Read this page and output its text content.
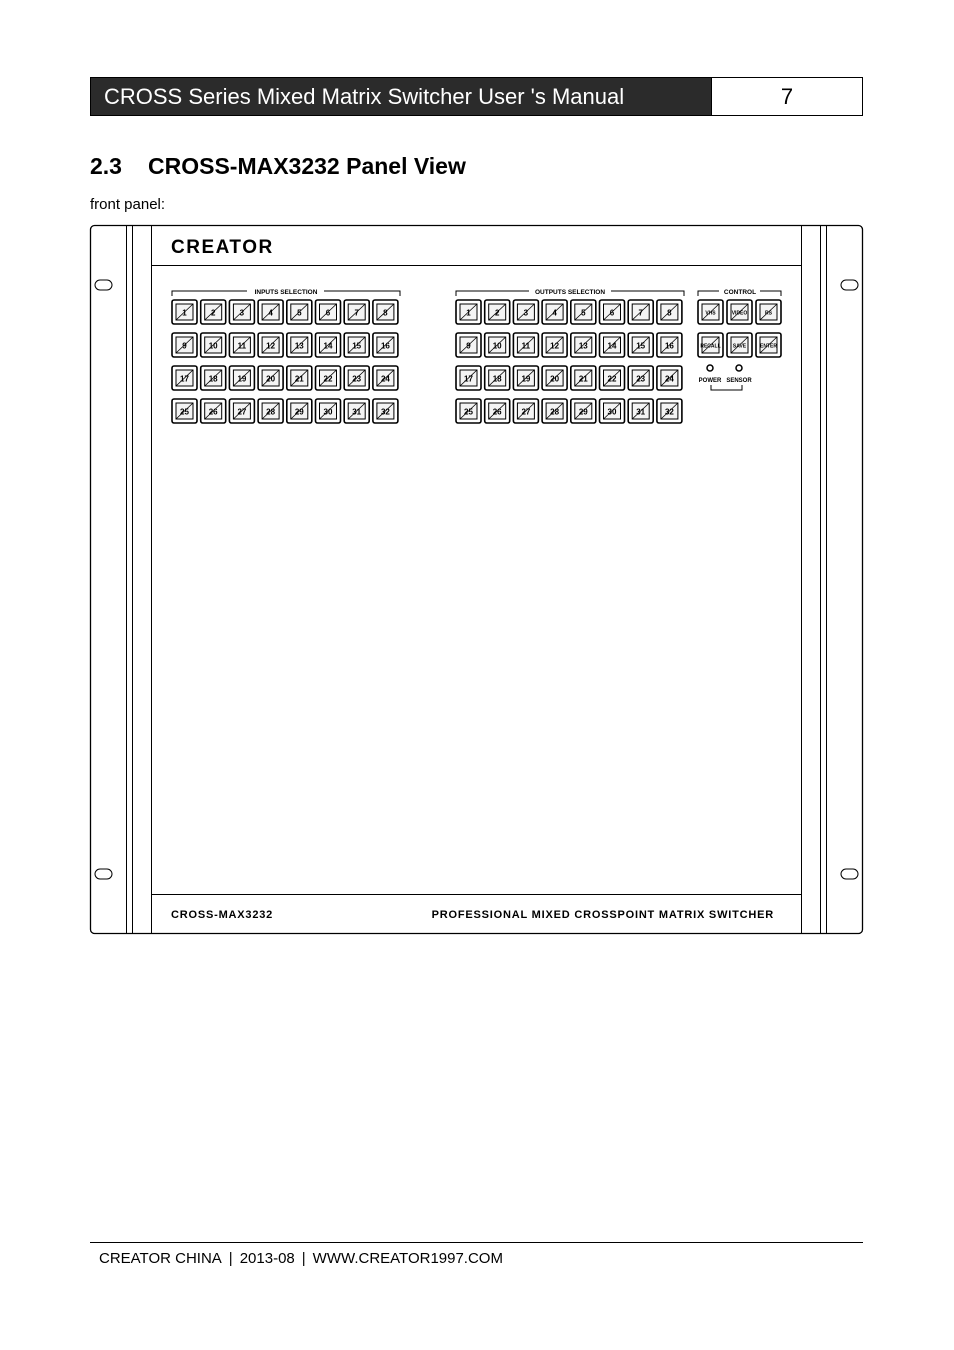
CROSS Series Mixed Matrix Switcher User 's Manual	7
2.3 CROSS-MAX3232 Panel View
front panel:
CREATOR
INPUTS SELECTION	OUTPUTS SELECTION	CONTROL
1	2	3	4	5	6	7	8
9	10	11	12 13 14 15 16
17 18 19 20 21 22 23 24
25 26 27 28 29 30 31 32
1	2	3	4	5	6	7	8
9	10	11	12 13 14 15 16
17 18 19 20 21 22 23 24
25 26 27 28 29 30 31 32
VHS	VIDEO	RS
RECALL SAVE	ENTER
POWER SENSOR
CROSS-MAX3232	PROFESSIONAL MIXED CROSSPOINT MATRIX SWITCHER
CREATOR CHINA | 2013-08 | WWW.CREATOR1997.COM
